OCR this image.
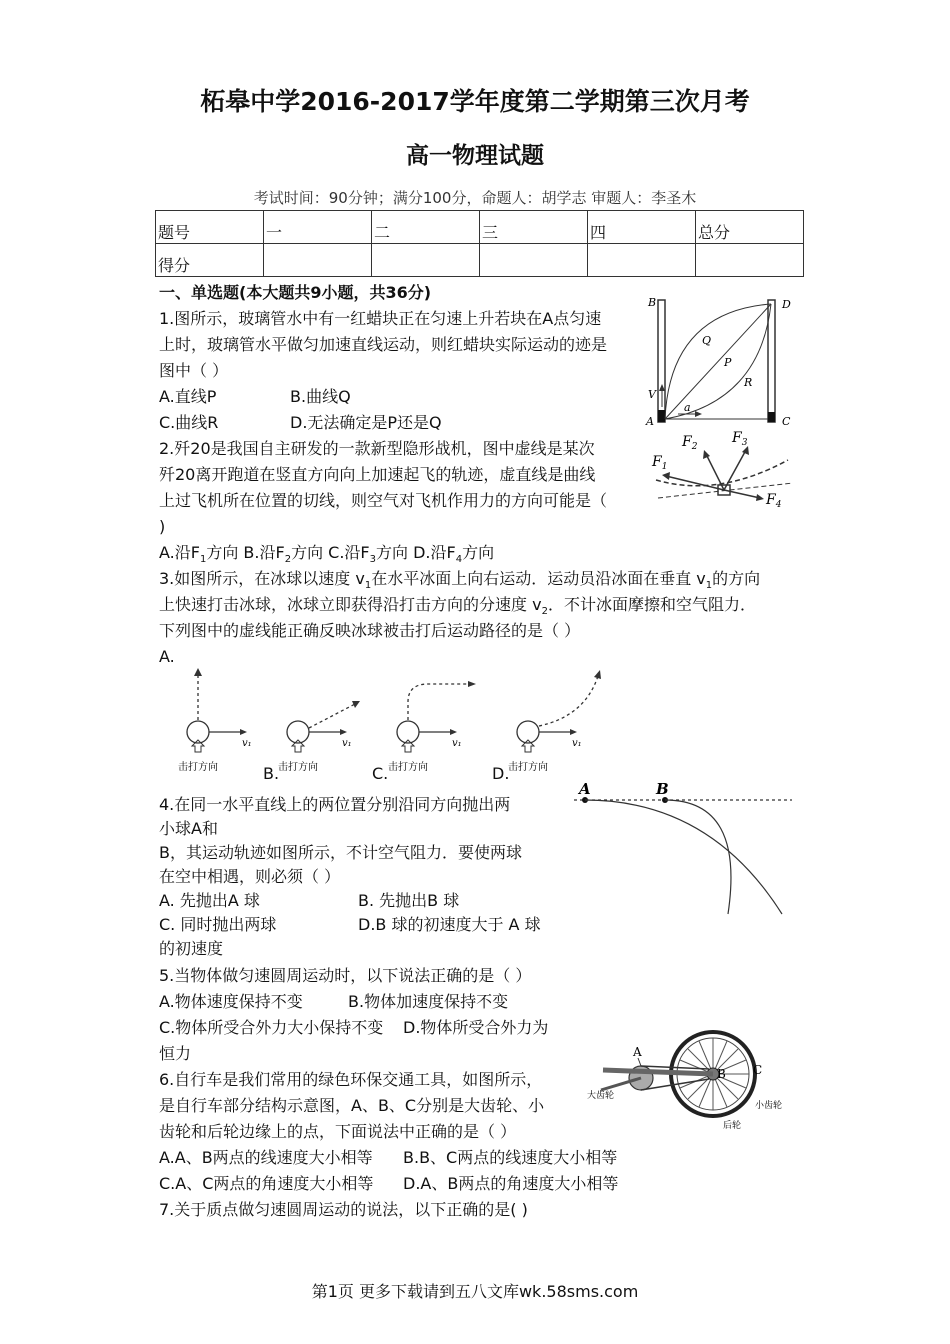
柘皋中学2016-2017学年度第二学期第三次月考
高一物理试题
考试时间：90分钟；满分100分，命题人：胡学志 审题人：李圣木
题号	一	二	三	四	总分
得分					
一、单选题(本大题共9小题，共36分)
1.图所示，玻璃管水中有一红蜡块正在匀速上升若块在A点匀速
上时，玻璃管水平做匀加速直线运动，则红蜡块实际运动的迹是
图中（ ）
A.直线P	B.曲线Q
C.曲线R	D.无法确定是P还是Q
B	D
Q
P
R
V
A
a
C
2.歼20是我国自主研发的一款新型隐形战机，图中虚线是某次
歼20离开跑道在竖直方向向上加速起飞的轨迹，虚直线是曲线
上过飞机所在位置的切线，则空气对飞机作用力的方向可能是（
)
A.沿$F_1$方向 B.沿$F_2$方向 C.沿$F_3$方向 D.沿$F_4$方向
$F_1$
$F_2$
$F_3$
$F_4$
3.如图所示，在冰球以速度 $v_1$在水平冰面上向右运动．运动员沿冰面在垂直 $v_1$的方向
上快速打击冰球，冰球立即获得沿打击方向的分速度 $v_2$．不计冰面摩擦和空气阻力．
下列图中的虚线能正确反映冰球被击打后运动路径的是（ ）
A.
B.	C.	D.
v₁
击打方向
v₁
击打方向
v₁
击打方向
v₁
击打方向
4.在同一水平直线上的两位置分别沿同方向抛出两
小球A和
B，其运动轨迹如图所示，不计空气阻力．要使两球
在空中相遇，则必须（ ）
A. 先抛出A 球	B. 先抛出B 球
C. 同时抛出两球	D.B 球的初速度大于 A 球
的初速度
A	B
5.当物体做匀速圆周运动时，以下说法正确的是（ ）
A.物体速度保持不变	B.物体加速度保持不变
C.物体所受合外力大小保持不变 D.物体所受合外力为
恒力
6.自行车是我们常用的绿色环保交通工具，如图所示，
是自行车部分结构示意图，A、B、C分别是大齿轮、小
齿轮和后轮边缘上的点，下面说法中正确的是（ ）
A.A、B两点的线速度大小相等 B.B、C两点的线速度大小相等
C.A、C两点的角速度大小相等 D.A、B两点的角速度大小相等
A
B C
大齿轮
小齿轮
后轮
7.关于质点做匀速圆周运动的说法，以下正确的是( )
第1页 更多下载请到五八文库wk.58sms.com
